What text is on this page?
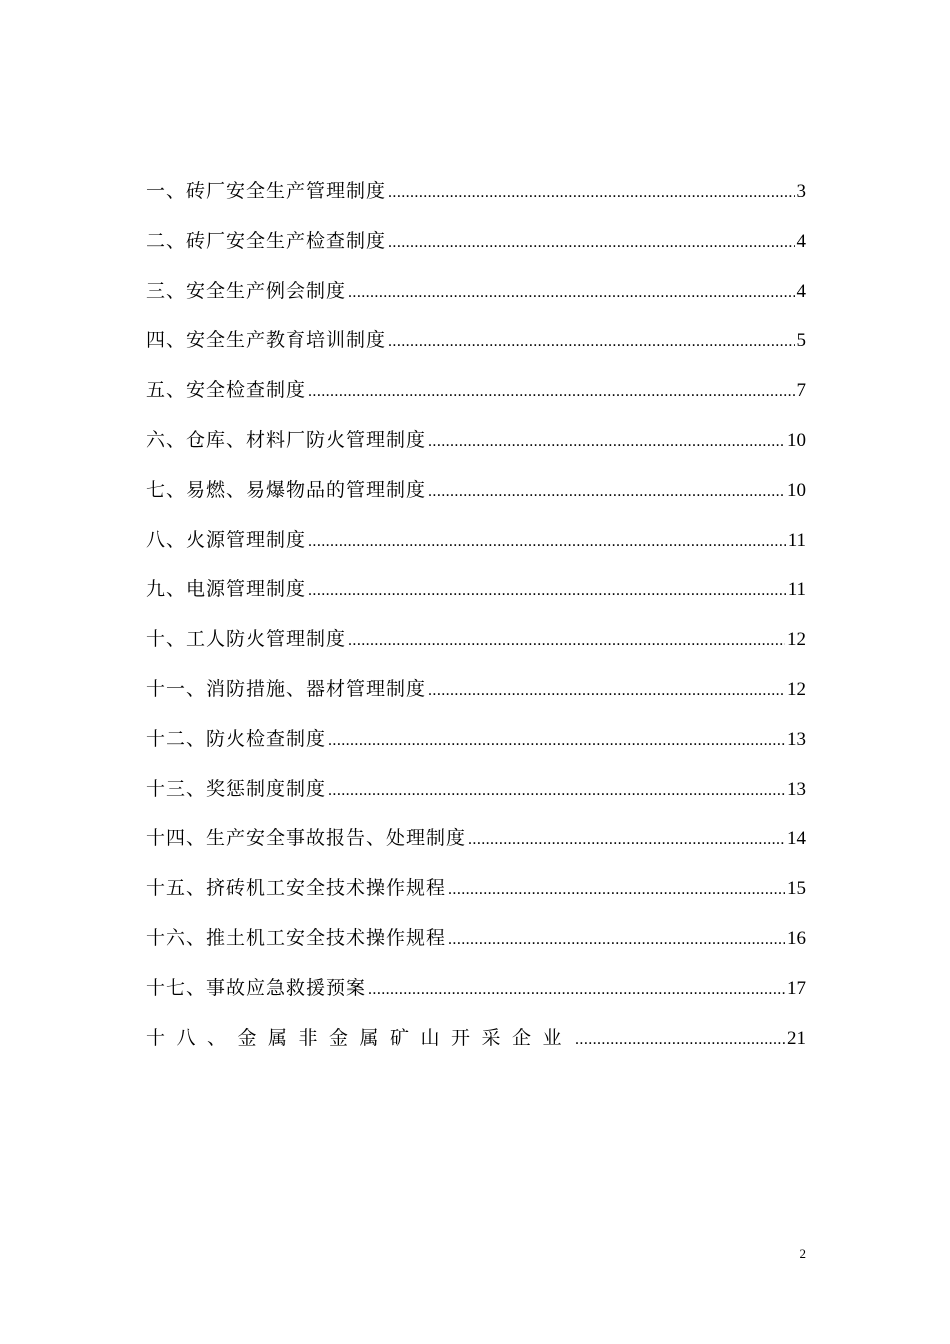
一、砖厂安全生产管理制度 .....	3
二、砖厂安全生产检查制度 .....	4
三、安全生产例会制度 .....	4
四、安全生产教育培训制度 .....	5
五、安全检查制度 .....	7
六、仓库、材料厂防火管理制度 .....	10
七、易燃、易爆物品的管理制度 .....	10
八、火源管理制度 .....	11
九、电源管理制度 .....	11
十、工人防火管理制度 .....	12
十一、消防措施、器材管理制度 .....	12
十二、防火检查制度 .....	13
十三、奖惩制度制度 .....	13
十四、生产安全事故报告、处理制度 .....	14
十五、挤砖机工安全技术操作规程 .....	15
十六、推土机工安全技术操作规程 .....	16
十七、事故应急救援预案 .....	17
十八、金属非金属矿山开采企业 .....	21
2
